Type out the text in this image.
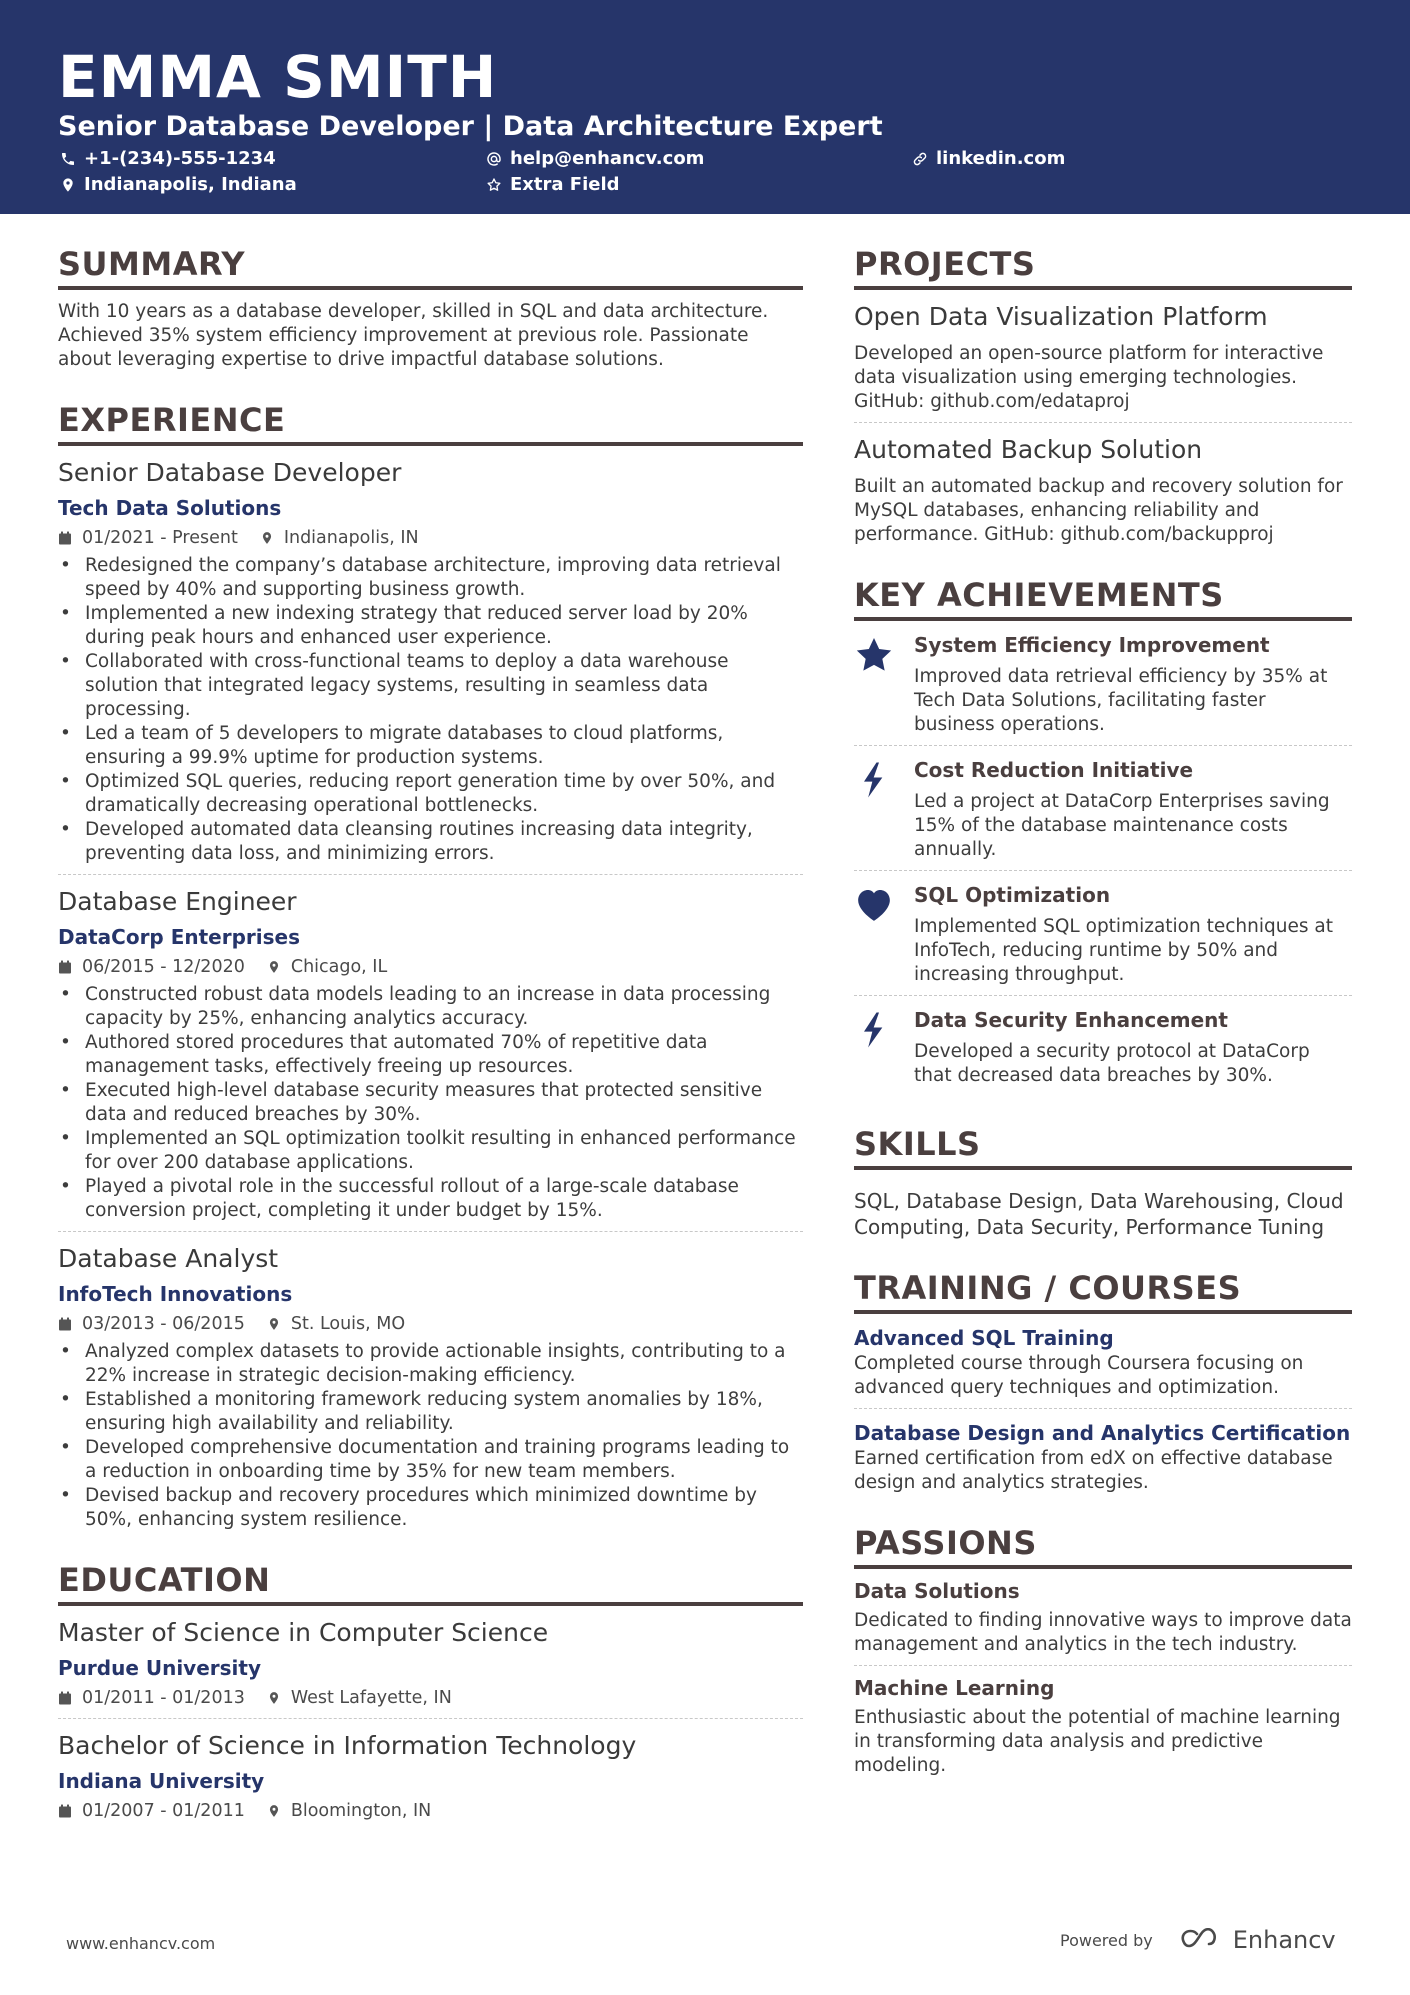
EMMA SMITH
Senior Database Developer | Data Architecture Expert
+1-(234)-555-1234	help@enhancv.com	linkedin.com
Indianapolis, Indiana	Extra Field
SUMMARY
With 10 years as a database developer, skilled in SQL and data architecture. Achieved 35% system efficiency improvement at previous role. Passionate about leveraging expertise to drive impactful database solutions.
EXPERIENCE
Senior Database Developer
Tech Data Solutions
01/2021 - Present	Indianapolis, IN
• Redesigned the company’s database architecture, improving data retrieval speed by 40% and supporting business growth.
• Implemented a new indexing strategy that reduced server load by 20% during peak hours and enhanced user experience.
• Collaborated with cross-functional teams to deploy a data warehouse solution that integrated legacy systems, resulting in seamless data processing.
• Led a team of 5 developers to migrate databases to cloud platforms, ensuring a 99.9% uptime for production systems.
• Optimized SQL queries, reducing report generation time by over 50%, and dramatically decreasing operational bottlenecks.
• Developed automated data cleansing routines increasing data integrity, preventing data loss, and minimizing errors.
Database Engineer
DataCorp Enterprises
06/2015 - 12/2020	Chicago, IL
• Constructed robust data models leading to an increase in data processing capacity by 25%, enhancing analytics accuracy.
• Authored stored procedures that automated 70% of repetitive data management tasks, effectively freeing up resources.
• Executed high-level database security measures that protected sensitive data and reduced breaches by 30%.
• Implemented an SQL optimization toolkit resulting in enhanced performance for over 200 database applications.
• Played a pivotal role in the successful rollout of a large-scale database conversion project, completing it under budget by 15%.
Database Analyst
InfoTech Innovations
03/2013 - 06/2015	St. Louis, MO
• Analyzed complex datasets to provide actionable insights, contributing to a 22% increase in strategic decision-making efficiency.
• Established a monitoring framework reducing system anomalies by 18%, ensuring high availability and reliability.
• Developed comprehensive documentation and training programs leading to a reduction in onboarding time by 35% for new team members.
• Devised backup and recovery procedures which minimized downtime by 50%, enhancing system resilience.
EDUCATION
Master of Science in Computer Science
Purdue University
01/2011 - 01/2013	West Lafayette, IN
Bachelor of Science in Information Technology
Indiana University
01/2007 - 01/2011	Bloomington, IN
PROJECTS
Open Data Visualization Platform
Developed an open-source platform for interactive data visualization using emerging technologies. GitHub: github.com/edataproj
Automated Backup Solution
Built an automated backup and recovery solution for MySQL databases, enhancing reliability and performance. GitHub: github.com/backupproj
KEY ACHIEVEMENTS
System Efficiency Improvement
Improved data retrieval efficiency by 35% at Tech Data Solutions, facilitating faster business operations.
Cost Reduction Initiative
Led a project at DataCorp Enterprises saving 15% of the database maintenance costs annually.
SQL Optimization
Implemented SQL optimization techniques at InfoTech, reducing runtime by 50% and increasing throughput.
Data Security Enhancement
Developed a security protocol at DataCorp that decreased data breaches by 30%.
SKILLS
SQL, Database Design, Data Warehousing, Cloud Computing, Data Security, Performance Tuning
TRAINING / COURSES
Advanced SQL Training
Completed course through Coursera focusing on advanced query techniques and optimization.
Database Design and Analytics Certification
Earned certification from edX on effective database design and analytics strategies.
PASSIONS
Data Solutions
Dedicated to finding innovative ways to improve data management and analytics in the tech industry.
Machine Learning
Enthusiastic about the potential of machine learning in transforming data analysis and predictive modeling.
www.enhancv.com	Powered by	Enhancv
